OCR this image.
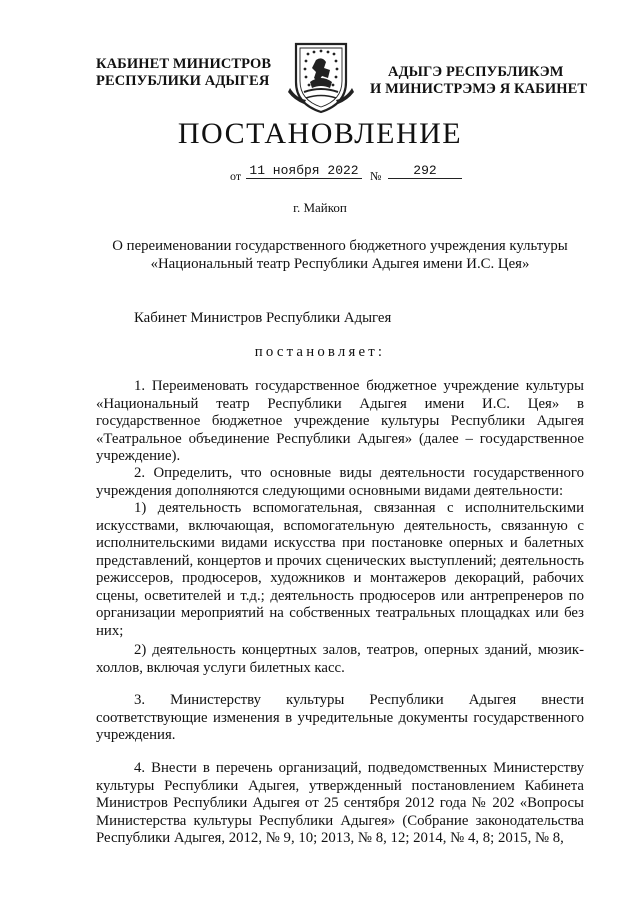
КАБИНЕТ МИНИСТРОВ
РЕСПУБЛИКИ АДЫГЕЯ
АДЫГЭ РЕСПУБЛИКЭМ
И МИНИСТРЭМЭ Я КАБИНЕТ
ПОСТАНОВЛЕНИЕ
от 11 ноября 2022 №	292
г. Майкоп
О переименовании государственного бюджетного учреждения культуры
«Национальный театр Республики Адыгея имени И.С. Цея»
Кабинет Министров Республики Адыгея
постановляет:
1. Переименовать государственное бюджетное учреждение культуры «Национальный театр Республики Адыгея имени И.С. Цея» в государственное бюджетное учреждение культуры Республики Адыгея «Театральное объединение Республики Адыгея» (далее – государственное учреждение).
2. Определить, что основные виды деятельности государственного учреждения дополняются следующими основными видами деятельности:
1) деятельность вспомогательная, связанная с исполнительскими искусствами, включающая, вспомогательную деятельность, связанную с исполнительскими видами искусства при постановке оперных и балетных представлений, концертов и прочих сценических выступлений; деятельность режиссеров, продюсеров, художников и монтажеров декораций, рабочих сцены, осветителей и т.д.; деятельность продюсеров или антрепренеров по организации мероприятий на собственных театральных площадках или без них;
2) деятельность концертных залов, театров, оперных зданий, мюзик-холлов, включая услуги билетных касс.
3. Министерству культуры Республики Адыгея внести соответствующие изменения в учредительные документы государственного учреждения.
4. Внести в перечень организаций, подведомственных Министерству культуры Республики Адыгея, утвержденный постановлением Кабинета Министров Республики Адыгея от 25 сентября 2012 года № 202 «Вопросы Министерства культуры Республики Адыгея» (Собрание законодательства Республики Адыгея, 2012, № 9, 10; 2013, № 8, 12; 2014, № 4, 8; 2015, № 8,
